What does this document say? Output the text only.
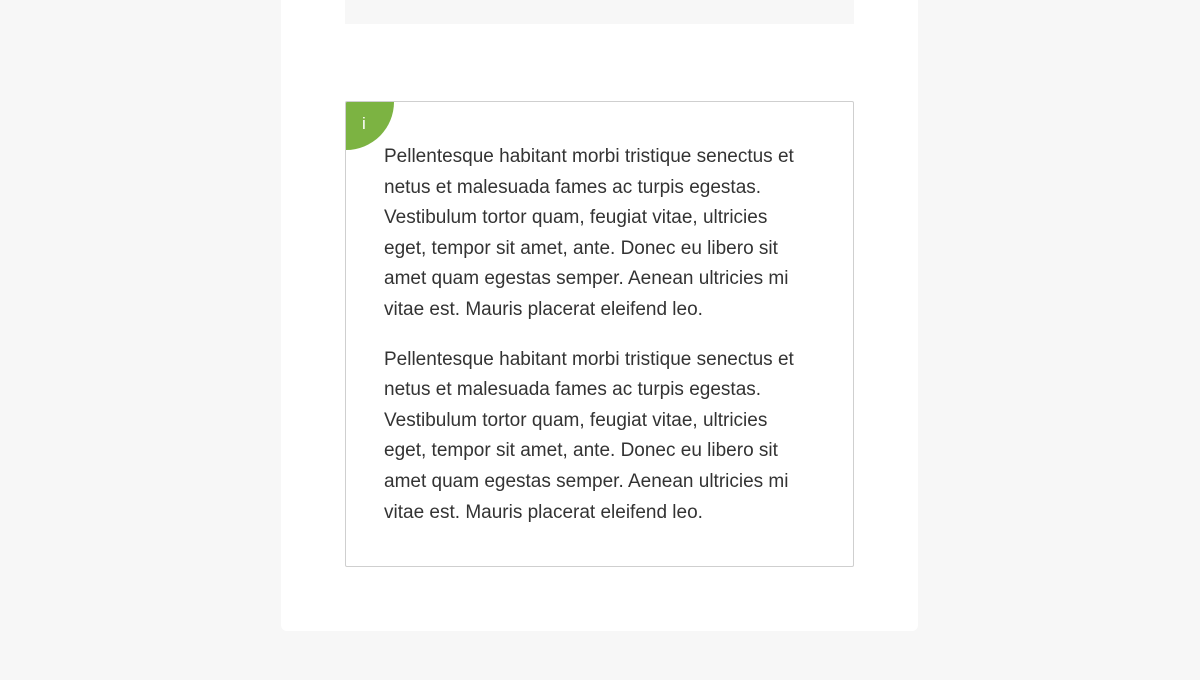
i

Pellentesque habitant morbi tristique senectus et netus et malesuada fames ac turpis egestas. Vestibulum tortor quam, feugiat vitae, ultricies eget, tempor sit amet, ante. Donec eu libero sit amet quam egestas semper. Aenean ultricies mi vitae est. Mauris placerat eleifend leo.

Pellentesque habitant morbi tristique senectus et netus et malesuada fames ac turpis egestas. Vestibulum tortor quam, feugiat vitae, ultricies eget, tempor sit amet, ante. Donec eu libero sit amet quam egestas semper. Aenean ultricies mi vitae est. Mauris placerat eleifend leo.
